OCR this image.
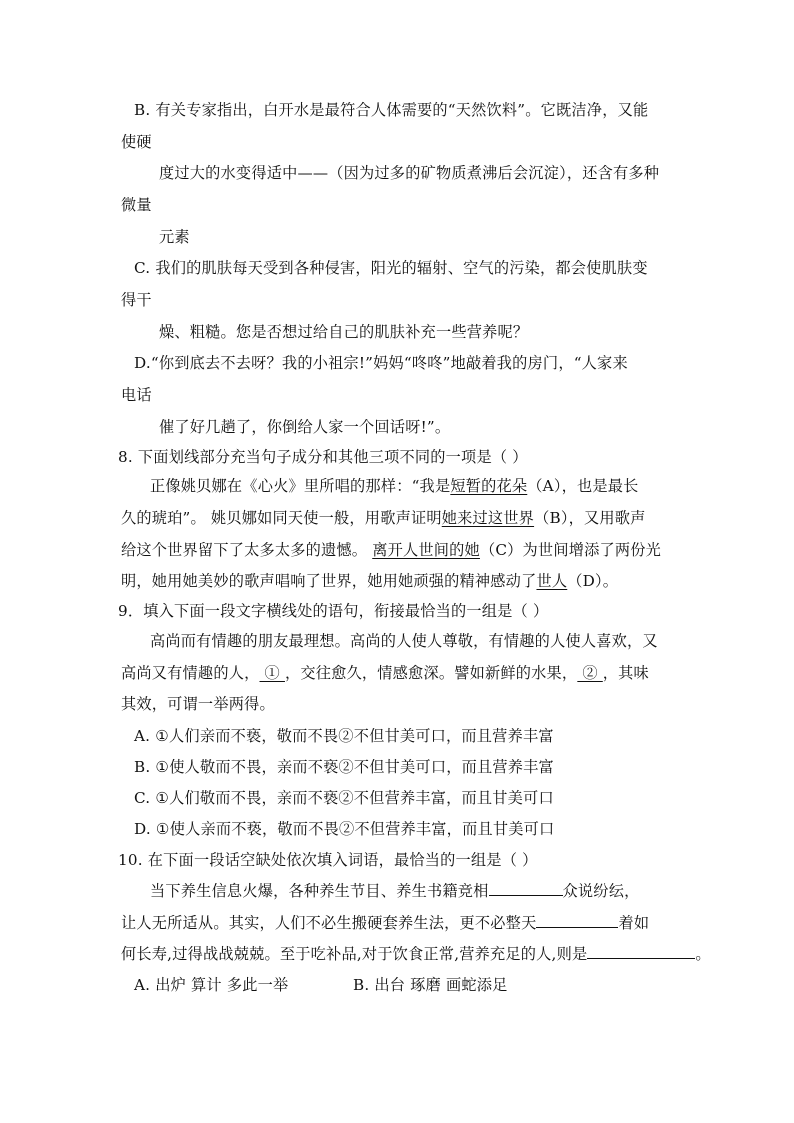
B. 有关专家指出，白开水是最符合人体需要的“天然饮料”。它既洁净，又能
使硬
度过大的水变得适中——（因为过多的矿物质煮沸后会沉淀），还含有多种
微量
元素
C. 我们的肌肤每天受到各种侵害，阳光的辐射、空气的污染，都会使肌肤变
得干
燥、粗糙。您是否想过给自己的肌肤补充一些营养呢？
D.“你到底去不去呀？我的小祖宗!”妈妈“咚咚”地敲着我的房门，“人家来
电话
催了好几趟了，你倒给人家一个回话呀!”。
8. 下面划线部分充当句子成分和其他三项不同的一项是（ ）
正像姚贝娜在《心火》里所唱的那样：“我是短暂的花朵（A），也是最长
久的琥珀”。 姚贝娜如同天使一般，用歌声证明她来过这世界（B），又用歌声
给这个世界留下了太多太多的遗憾。 离开人世间的她（C）为世间增添了两份光
明，她用她美妙的歌声唱响了世界，她用她顽强的精神感动了世人（D）。
9．填入下面一段文字横线处的语句，衔接最恰当的一组是（ ）
高尚而有情趣的朋友最理想。高尚的人使人尊敬，有情趣的人使人喜欢，又
高尚又有情趣的人， ① ，交往愈久，情感愈深。譬如新鲜的水果， ② ，其味
其效，可谓一举两得。
A. ①人们亲而不亵，敬而不畏②不但甘美可口，而且营养丰富
B. ①使人敬而不畏，亲而不亵②不但甘美可口，而且营养丰富
C. ①人们敬而不畏，亲而不亵②不但营养丰富，而且甘美可口
D. ①使人亲而不亵，敬而不畏②不但营养丰富，而且甘美可口
10. 在下面一段话空缺处依次填入词语，最恰当的一组是（ ）
当下养生信息火爆，各种养生节目、养生书籍竞相	众说纷纭，
让人无所适从。其实，人们不必生搬硬套养生法，更不必整天	着如
何长寿,过得战战兢兢。至于吃补品,对于饮食正常,营养充足的人,则是	。
A. 出炉 算计 多此一举	B. 出台 琢磨 画蛇添足
